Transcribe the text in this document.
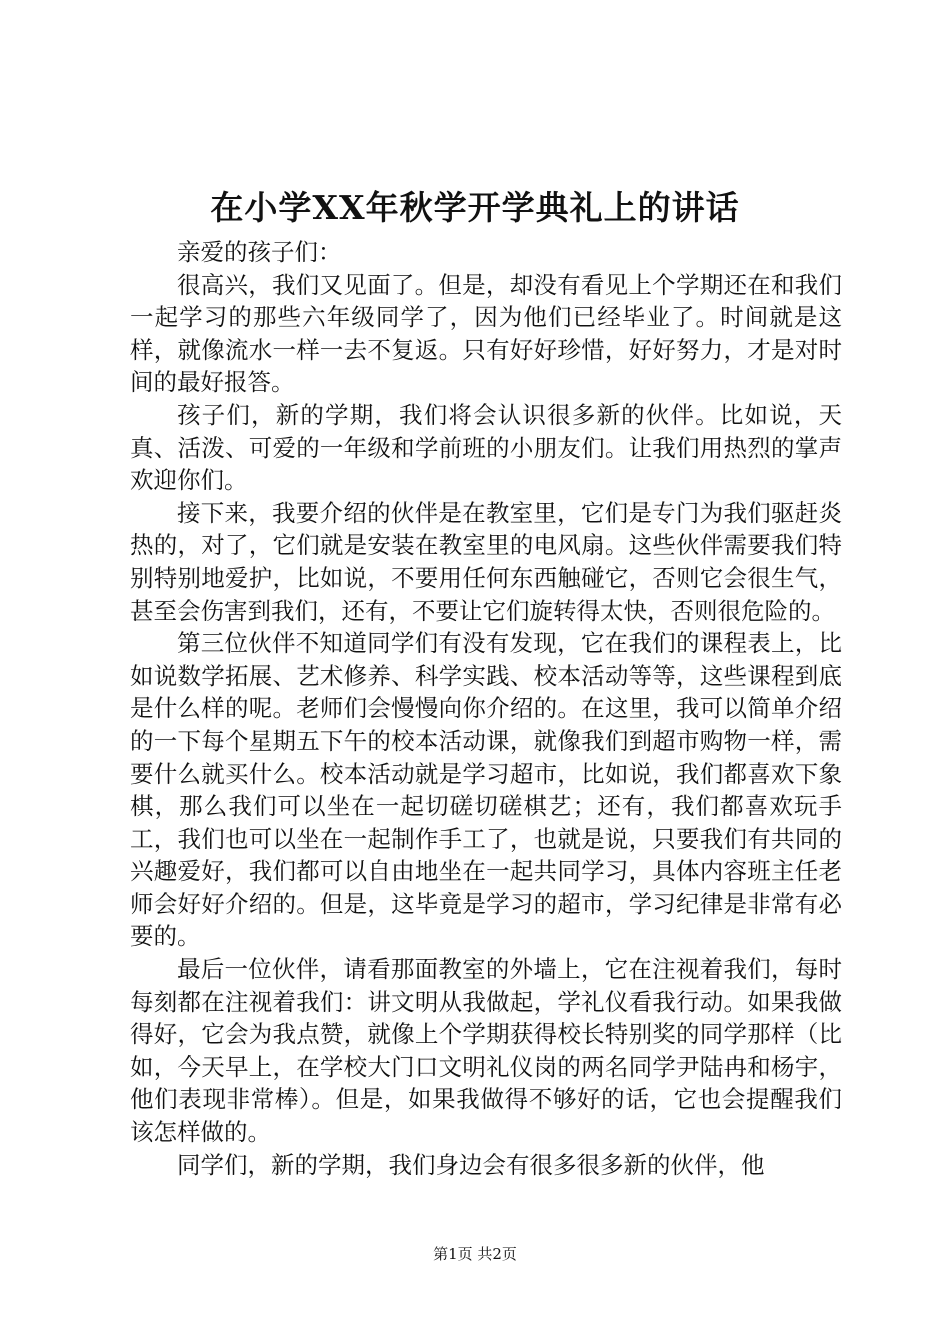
在小学XX年秋学开学典礼上的讲话

亲爱的孩子们：

很高兴，我们又见面了。但是，却没有看见上个学期还在和我们一起学习的那些六年级同学了，因为他们已经毕业了。时间就是这样，就像流水一样一去不复返。只有好好珍惜，好好努力，才是对时间的最好报答。

孩子们，新的学期，我们将会认识很多新的伙伴。比如说，天真、活泼、可爱的一年级和学前班的小朋友们。让我们用热烈的掌声欢迎你们。

接下来，我要介绍的伙伴是在教室里，它们是专门为我们驱赶炎热的，对了，它们就是安装在教室里的电风扇。这些伙伴需要我们特别特别地爱护，比如说，不要用任何东西触碰它，否则它会很生气，甚至会伤害到我们，还有，不要让它们旋转得太快，否则很危险的。

第三位伙伴不知道同学们有没有发现，它在我们的课程表上，比如说数学拓展、艺术修养、科学实践、校本活动等等，这些课程到底是什么样的呢。老师们会慢慢向你介绍的。在这里，我可以简单介绍的一下每个星期五下午的校本活动课，就像我们到超市购物一样，需要什么就买什么。校本活动就是学习超市，比如说，我们都喜欢下象棋，那么我们可以坐在一起切磋切磋棋艺；还有，我们都喜欢玩手工，我们也可以坐在一起制作手工了，也就是说，只要我们有共同的兴趣爱好，我们都可以自由地坐在一起共同学习，具体内容班主任老师会好好介绍的。但是，这毕竟是学习的超市，学习纪律是非常有必要的。

最后一位伙伴，请看那面教室的外墙上，它在注视着我们，每时每刻都在注视着我们：讲文明从我做起，学礼仪看我行动。如果我做得好，它会为我点赞，就像上个学期获得校长特别奖的同学那样（比如，今天早上，在学校大门口文明礼仪岗的两名同学尹陆冉和杨宇，他们表现非常棒）。但是，如果我做得不够好的话，它也会提醒我们该怎样做的。

同学们，新的学期，我们身边会有很多很多新的伙伴，他

第1页 共2页
